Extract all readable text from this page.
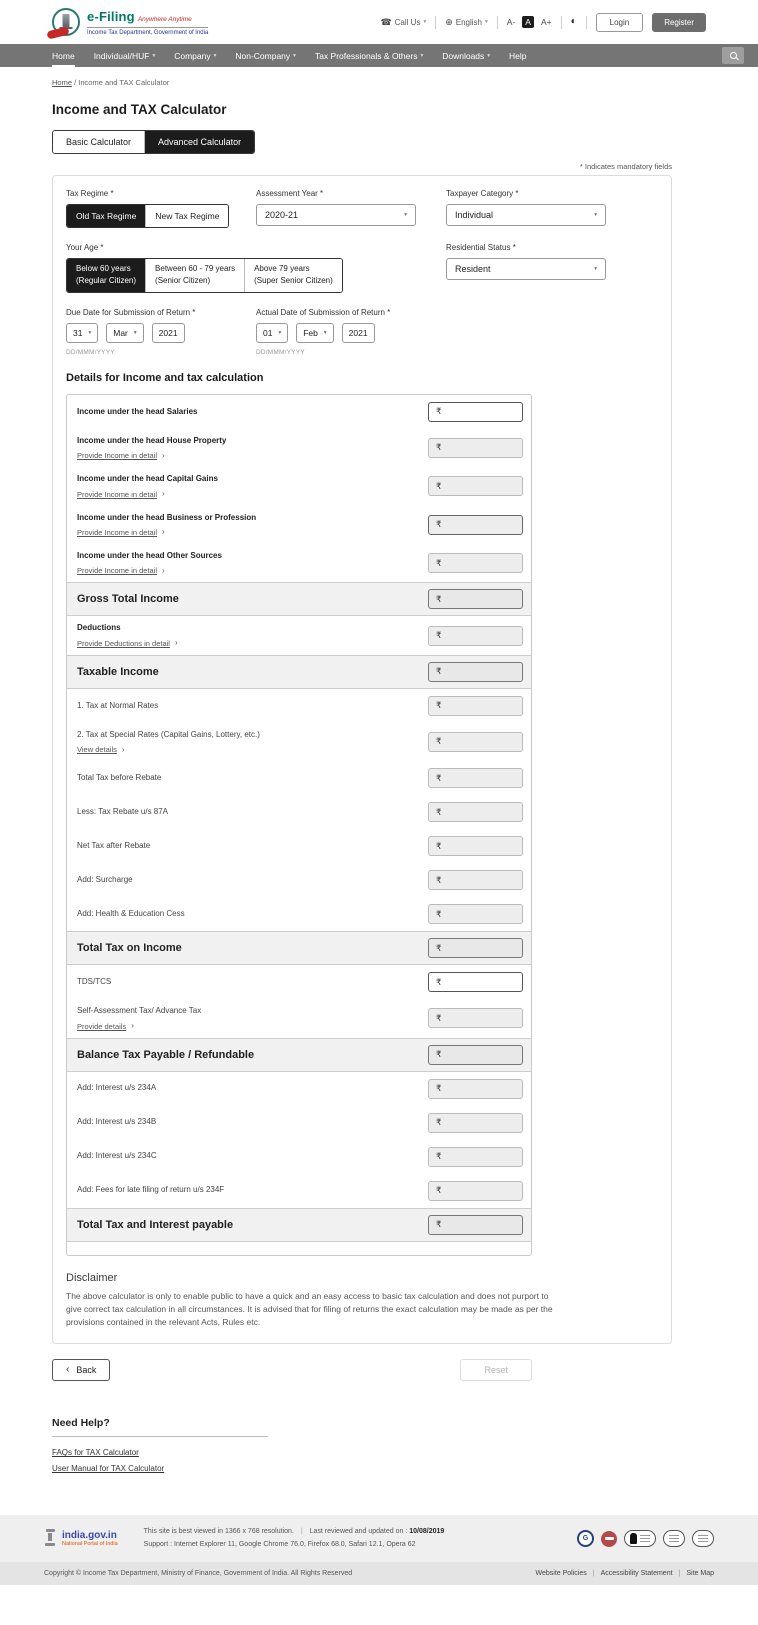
e-Filing Anywhere Anytime
Income Tax Department, Government of India
☎ Call Us ▾ ⊕ English ▾ A-	A	A+ ◐	Login	Register
Home Individual/HUF ▾ Company ▾ Non-Company ▾ Tax Professionals & Others ▾ Downloads ▾ Help
Home / Income and TAX Calculator
Income and TAX Calculator
Basic Calculator	Advanced Calculator
* Indicates mandatory fields
Tax Regime *
Old Tax Regime	New Tax Regime
Assessment Year *
2020-21	▾
Taxpayer Category *
Individual	▾
Your Age *
Below 60 years
(Regular Citizen)
Between 60 - 79 years
(Senior Citizen)
Above 79 years
(Super Senior Citizen)
Residential Status *
Resident	▾
Due Date for Submission of Return *
31 ▾	Mar ▾	2021
DD/MMM/YYYY
Actual Date of Submission of Return *
01 ▾	Feb ▾	2021
DD/MMM/YYYY
Details for Income and tax calculation
Income under the head Salaries	₹
Income under the head House Property
Provide Income in detail ›
₹
Income under the head Capital Gains
Provide Income in detail ›
₹
Income under the head Business or Profession
Provide Income in detail ›
₹
Income under the head Other Sources
Provide Income in detail ›
₹
Gross Total Income	₹
Deductions
Provide Deductions in detail ›
₹
Taxable Income	₹
1. Tax at Normal Rates	₹
2. Tax at Special Rates (Capital Gains, Lottery, etc.)
View details ›
₹
Total Tax before Rebate	₹
Less: Tax Rebate u/s 87A	₹
Net Tax after Rebate	₹
Add: Surcharge	₹
Add: Health & Education Cess	₹
Total Tax on Income	₹
TDS/TCS	₹
Self-Assessment Tax/ Advance Tax
Provide details ›
₹
Balance Tax Payable / Refundable	₹
Add: Interest u/s 234A	₹
Add: Interest u/s 234B	₹
Add: Interest u/s 234C	₹
Add: Fees for late filing of return u/s 234F	₹
Total Tax and Interest payable	₹
Disclaimer
The above calculator is only to enable public to have a quick and an easy access to basic tax calculation and does not purport to give correct tax calculation in all circumstances. It is advised that for filing of returns the exact calculation may be made as per the provisions contained in the relevant Acts, Rules etc.
‹ Back	Reset
Need Help?
FAQs for TAX Calculator
User Manual for TAX Calculator
india.gov.in
National Portal of India
This site is best viewed in 1366 x 768 resolution. | Last reviewed and updated on : 10/08/2019
Support : Internet Explorer 11, Google Chrome 76.0, Firefox 68.0, Safari 12.1, Opera 62
G
Copyright © Income Tax Department, Ministry of Finance, Government of India. All Rights Reserved	Website Policies | Accessibility Statement | Site Map
